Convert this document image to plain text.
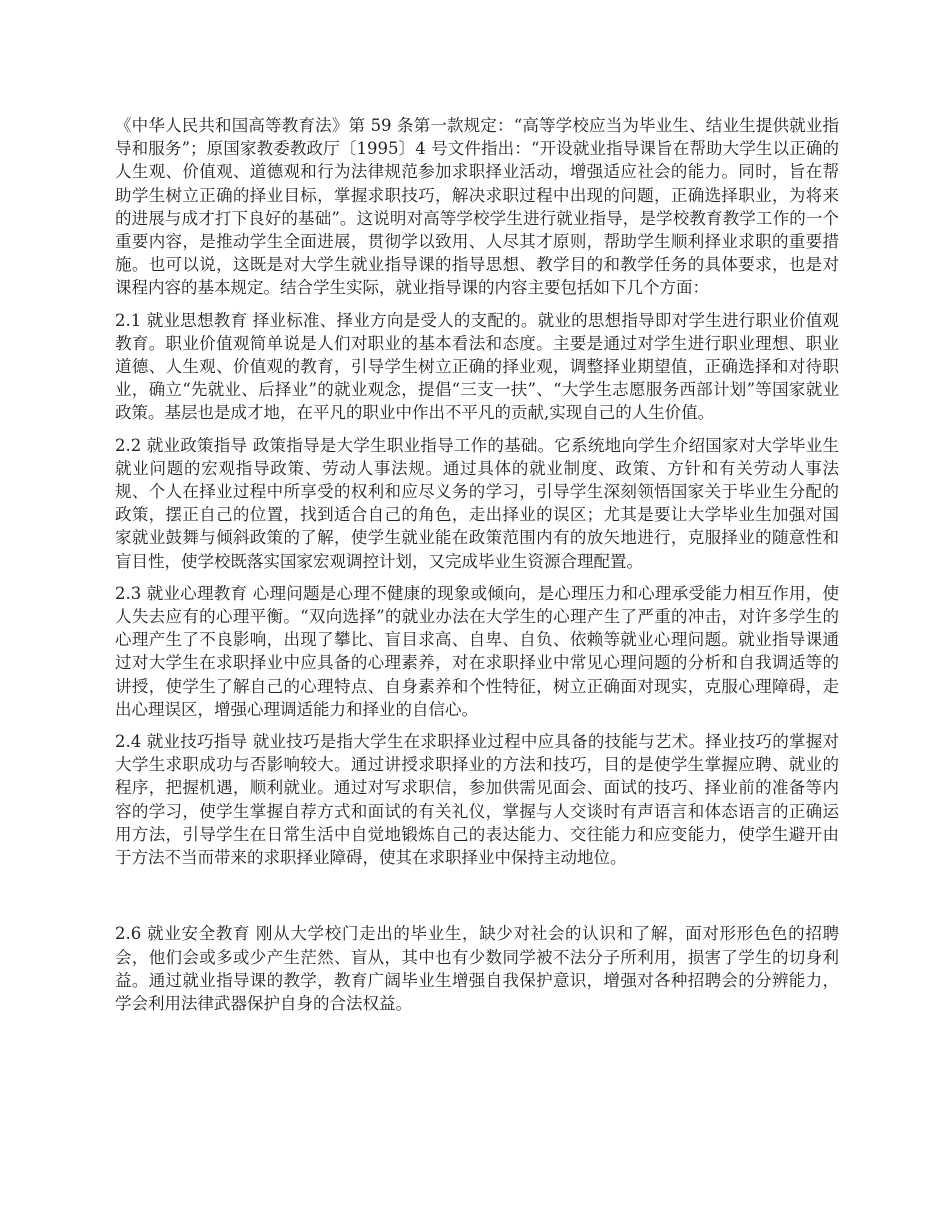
《中华人民共和国高等教育法》第 59 条第一款规定：“高等学校应当为毕业生、结业生提供就业指导和服务”；原国家教委教政厅〔1995〕4 号文件指出：“开设就业指导课旨在帮助大学生以正确的人生观、价值观、道德观和行为法律规范参加求职择业活动，增强适应社会的能力。同时，旨在帮助学生树立正确的择业目标，掌握求职技巧，解决求职过程中出现的问题，正确选择职业，为将来的进展与成才打下良好的基础”。这说明对高等学校学生进行就业指导，是学校教育教学工作的一个重要内容，是推动学生全面进展，贯彻学以致用、人尽其才原则，帮助学生顺利择业求职的重要措施。也可以说，这既是对大学生就业指导课的指导思想、教学目的和教学任务的具体要求，也是对课程内容的基本规定。结合学生实际，就业指导课的内容主要包括如下几个方面：

2.1 就业思想教育 择业标准、择业方向是受人的支配的。就业的思想指导即对学生进行职业价值观教育。职业价值观简单说是人们对职业的基本看法和态度。主要是通过对学生进行职业理想、职业道德、人生观、价值观的教育，引导学生树立正确的择业观，调整择业期望值，正确选择和对待职业，确立“先就业、后择业”的就业观念，提倡“三支一扶”、“大学生志愿服务西部计划”等国家就业政策。基层也是成才地，在平凡的职业中作出不平凡的贡献,实现自己的人生价值。

2.2 就业政策指导 政策指导是大学生职业指导工作的基础。它系统地向学生介绍国家对大学毕业生就业问题的宏观指导政策、劳动人事法规。通过具体的就业制度、政策、方针和有关劳动人事法规、个人在择业过程中所享受的权利和应尽义务的学习，引导学生深刻领悟国家关于毕业生分配的政策，摆正自己的位置，找到适合自己的角色，走出择业的误区；尤其是要让大学毕业生加强对国家就业鼓舞与倾斜政策的了解，使学生就业能在政策范围内有的放矢地进行，克服择业的随意性和盲目性，使学校既落实国家宏观调控计划，又完成毕业生资源合理配置。

2.3 就业心理教育 心理问题是心理不健康的现象或倾向，是心理压力和心理承受能力相互作用，使人失去应有的心理平衡。“双向选择”的就业办法在大学生的心理产生了严重的冲击，对许多学生的心理产生了不良影响，出现了攀比、盲目求高、自卑、自负、依赖等就业心理问题。就业指导课通过对大学生在求职择业中应具备的心理素养，对在求职择业中常见心理问题的分析和自我调适等的讲授，使学生了解自己的心理特点、自身素养和个性特征，树立正确面对现实，克服心理障碍，走出心理误区，增强心理调适能力和择业的自信心。

2.4 就业技巧指导 就业技巧是指大学生在求职择业过程中应具备的技能与艺术。择业技巧的掌握对大学生求职成功与否影响较大。通过讲授求职择业的方法和技巧，目的是使学生掌握应聘、就业的程序，把握机遇，顺利就业。通过对写求职信，参加供需见面会、面试的技巧、择业前的准备等内容的学习，使学生掌握自荐方式和面试的有关礼仪，掌握与人交谈时有声语言和体态语言的正确运用方法，引导学生在日常生活中自觉地锻炼自己的表达能力、交往能力和应变能力，使学生避开由于方法不当而带来的求职择业障碍，使其在求职择业中保持主动地位。

2.6 就业安全教育 刚从大学校门走出的毕业生，缺少对社会的认识和了解，面对形形色色的招聘会，他们会或多或少产生茫然、盲从，其中也有少数同学被不法分子所利用，损害了学生的切身利益。通过就业指导课的教学，教育广阔毕业生增强自我保护意识，增强对各种招聘会的分辨能力，学会利用法律武器保护自身的合法权益。
